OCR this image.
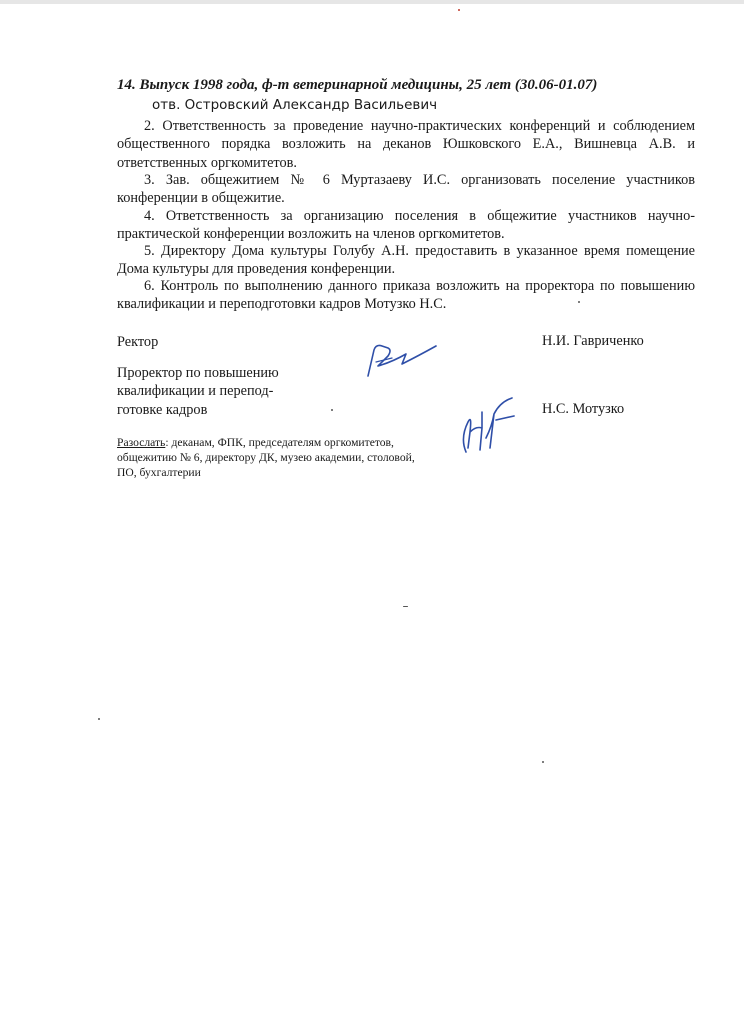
14. Выпуск 1998 года, ф-т ветеринарной медицины, 25 лет (30.06-01.07)
отв. Островский Александр Васильевич
2. Ответственность за проведение научно-практических конференций и соблюдением общественного порядка возложить на деканов Юшковского Е.А., Вишневца А.В. и ответственных оргкомитетов.
3. Зав. общежитием № 6 Муртазаеву И.С. организовать поселение участников конференции в общежитие.
4. Ответственность за организацию поселения в общежитие участников научно-практической конференции возложить на членов оргкомитетов.
5. Директору Дома культуры Голубу А.Н. предоставить в указанное время помещение Дома культуры для проведения конференции.
6. Контроль по выполнению данного приказа возложить на проректора по повышению квалификации и переподготовки кадров Мотузко Н.С.
Ректор	Н.И. Гавриченко
Проректор по повышению
квалификации и перепод-
готовке кадров	Н.С. Мотузко
Разослать: деканам, ФПК, председателям оргкомитетов, общежитию № 6, директору ДК, музею академии, столовой, ПО, бухгалтерии
